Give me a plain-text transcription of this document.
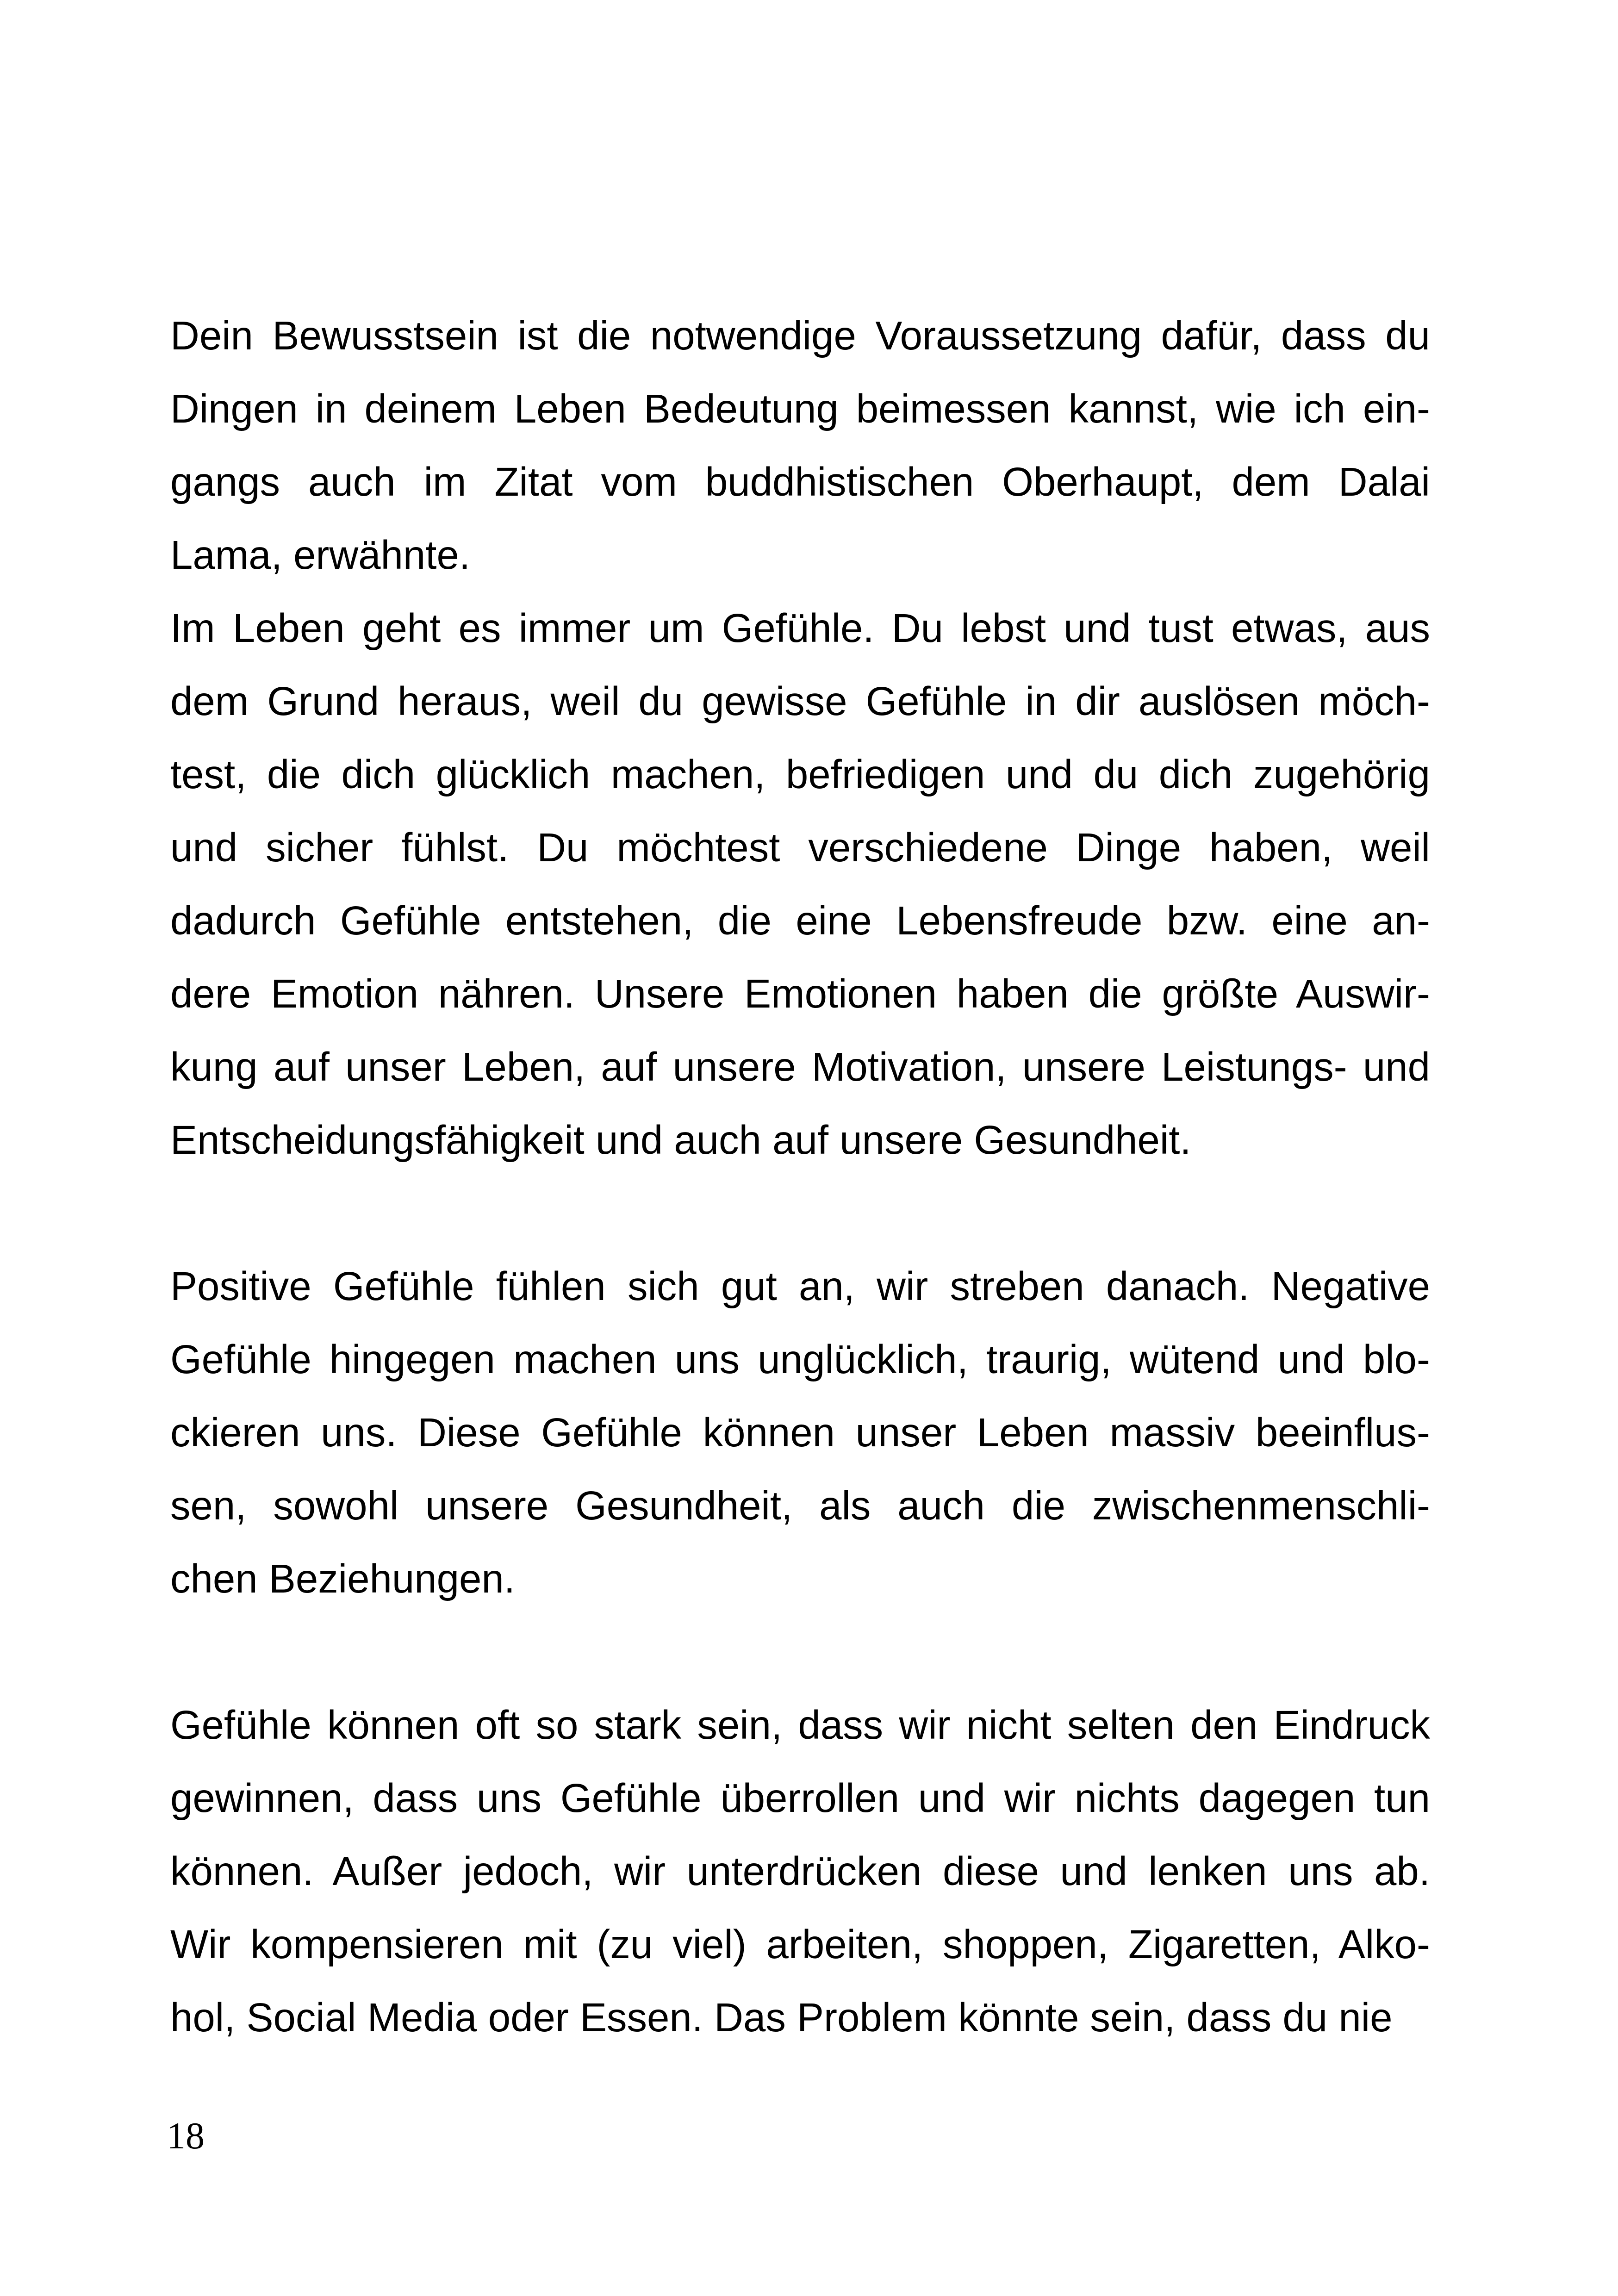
Dein Bewusstsein ist die notwendige Voraussetzung dafür, dass du
Dingen in deinem Leben Bedeutung beimessen kannst, wie ich ein-
gangs auch im Zitat vom buddhistischen Oberhaupt, dem Dalai
Lama, erwähnte.
Im Leben geht es immer um Gefühle. Du lebst und tust etwas, aus
dem Grund heraus, weil du gewisse Gefühle in dir auslösen möch-
test, die dich glücklich machen, befriedigen und du dich zugehörig
und sicher fühlst. Du möchtest verschiedene Dinge haben, weil
dadurch Gefühle entstehen, die eine Lebensfreude bzw. eine an-
dere Emotion nähren. Unsere Emotionen haben die größte Auswir-
kung auf unser Leben, auf unsere Motivation, unsere Leistungs- und
Entscheidungsfähigkeit und auch auf unsere Gesundheit.
Positive Gefühle fühlen sich gut an, wir streben danach. Negative
Gefühle hingegen machen uns unglücklich, traurig, wütend und blo-
ckieren uns. Diese Gefühle können unser Leben massiv beeinflus-
sen, sowohl unsere Gesundheit, als auch die zwischenmenschli-
chen Beziehungen.
Gefühle können oft so stark sein, dass wir nicht selten den Eindruck
gewinnen, dass uns Gefühle überrollen und wir nichts dagegen tun
können. Außer jedoch, wir unterdrücken diese und lenken uns ab.
Wir kompensieren mit (zu viel) arbeiten, shoppen, Zigaretten, Alko-
hol, Social Media oder Essen. Das Problem könnte sein, dass du nie
18
